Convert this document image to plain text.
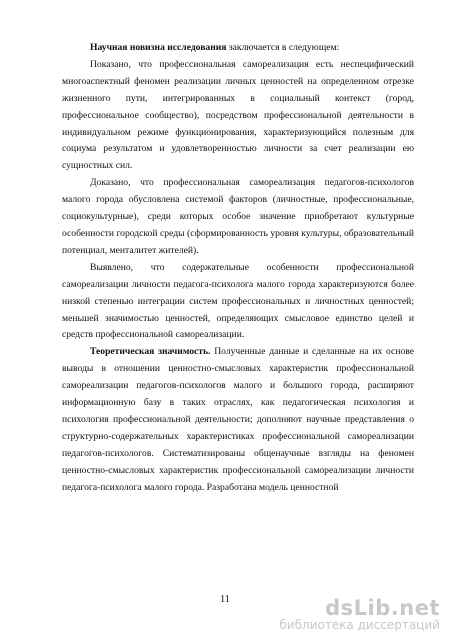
Научная новизна исследования заключается в следующем:

Показано, что профессиональная самореализация есть неспецифический многоаспектный феномен реализации личных ценностей на определенном отрезке жизненного пути, интегрированных в социальный контекст (город, профессиональное сообщество), посредством профессиональной деятельности в индивидуальном режиме функционирования, характеризующийся полезным для социума результатом и удовлетворенностью личности за счет реализации ею сущностных сил.

Доказано, что профессиональная самореализация педагогов-психологов малого города обусловлена системой факторов (личностные, профессиональные, социокультурные), среди которых особое значение приобретают культурные особенности городской среды (сформированность уровня культуры, образовательный потенциал, менталитет жителей).

Выявлено, что содержательные особенности профессиональной самореализации личности педагога-психолога малого города характеризуются более низкой степенью интеграции систем профессиональных и личностных ценностей; меньшей значимостью ценностей, определяющих смысловое единство целей и средств профессиональной самореализации.

Теоретическая значимость. Полученные данные и сделанные на их основе выводы в отношении ценностно-смысловых характеристик профессиональной самореализации педагогов-психологов малого и большого города, расширяют информационную базу в таких отраслях, как педагогическая психология и психология профессиональной деятельности; дополняют научные представления о структурно-содержательных характеристиках профессиональной самореализации педагогов-психологов. Систематизированы общенаучные взгляды на феномен ценностно-смысловых характеристик профессиональной самореализации личности педагога-психолога малого города. Разработана модель ценностной

11	dsLib.net
библиотека диссертаций
